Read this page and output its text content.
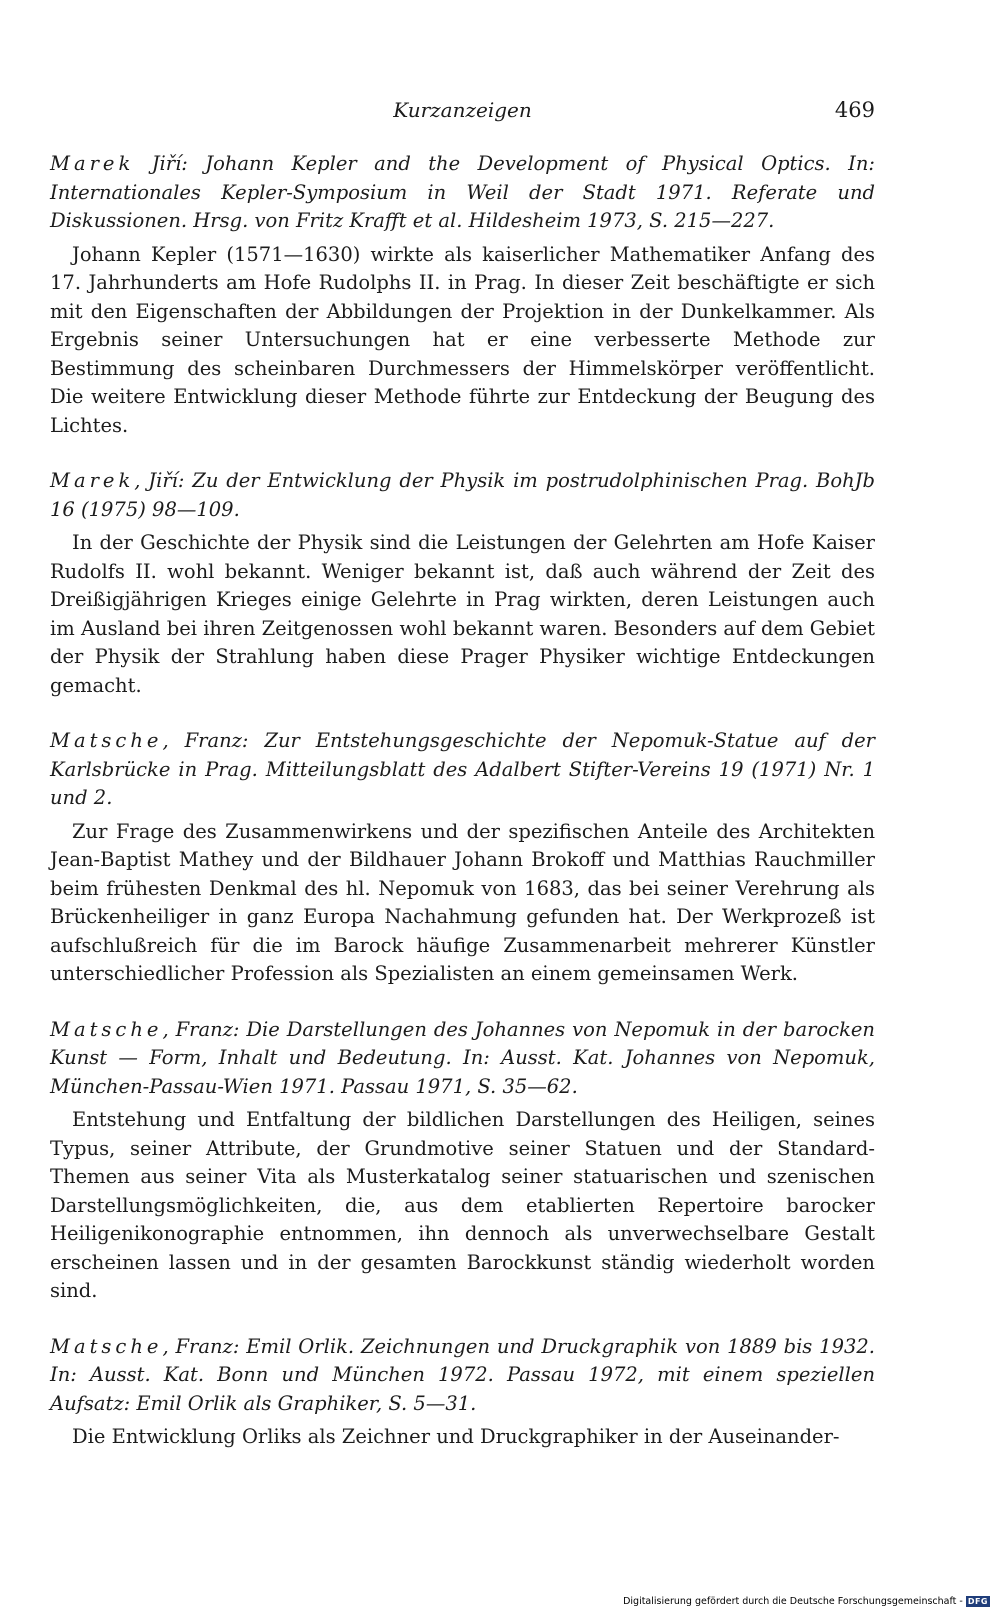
Kurzanzeigen	469

Marek Jiří: Johann Kepler and the Development of Physical Optics. In: Internationales Kepler-Symposium in Weil der Stadt 1971. Referate und Diskussionen. Hrsg. von Fritz Krafft et al. Hildesheim 1973, S. 215—227.

Johann Kepler (1571—1630) wirkte als kaiserlicher Mathematiker Anfang des 17. Jahrhunderts am Hofe Rudolphs II. in Prag. In dieser Zeit beschäftigte er sich mit den Eigenschaften der Abbildungen der Projektion in der Dunkelkammer. Als Ergebnis seiner Untersuchungen hat er eine verbesserte Methode zur Bestimmung des scheinbaren Durchmessers der Himmelskörper veröffentlicht. Die weitere Entwicklung dieser Methode führte zur Entdeckung der Beugung des Lichtes.

Marek, Jiří: Zu der Entwicklung der Physik im postrudolphinischen Prag. BohJb 16 (1975) 98—109.

In der Geschichte der Physik sind die Leistungen der Gelehrten am Hofe Kaiser Rudolfs II. wohl bekannt. Weniger bekannt ist, daß auch während der Zeit des Dreißigjährigen Krieges einige Gelehrte in Prag wirkten, deren Leistungen auch im Ausland bei ihren Zeitgenossen wohl bekannt waren. Besonders auf dem Gebiet der Physik der Strahlung haben diese Prager Physiker wichtige Entdeckungen gemacht.

Matsche, Franz: Zur Entstehungsgeschichte der Nepomuk-Statue auf der Karlsbrücke in Prag. Mitteilungsblatt des Adalbert Stifter-Vereins 19 (1971) Nr. 1 und 2.

Zur Frage des Zusammenwirkens und der spezifischen Anteile des Architekten Jean-Baptist Mathey und der Bildhauer Johann Brokoff und Matthias Rauchmiller beim frühesten Denkmal des hl. Nepomuk von 1683, das bei seiner Verehrung als Brückenheiliger in ganz Europa Nachahmung gefunden hat. Der Werkprozeß ist aufschlußreich für die im Barock häufige Zusammenarbeit mehrerer Künstler unterschiedlicher Profession als Spezialisten an einem gemeinsamen Werk.

Matsche, Franz: Die Darstellungen des Johannes von Nepomuk in der barocken Kunst — Form, Inhalt und Bedeutung. In: Ausst. Kat. Johannes von Nepomuk, München-Passau-Wien 1971. Passau 1971, S. 35—62.

Entstehung und Entfaltung der bildlichen Darstellungen des Heiligen, seines Typus, seiner Attribute, der Grundmotive seiner Statuen und der Standard-Themen aus seiner Vita als Musterkatalog seiner statuarischen und szenischen Darstellungsmöglichkeiten, die, aus dem etablierten Repertoire barocker Heiligenikonographie entnommen, ihn dennoch als unverwechselbare Gestalt erscheinen lassen und in der gesamten Barockkunst ständig wiederholt worden sind.

Matsche, Franz: Emil Orlik. Zeichnungen und Druckgraphik von 1889 bis 1932. In: Ausst. Kat. Bonn und München 1972. Passau 1972, mit einem speziellen Aufsatz: Emil Orlik als Graphiker, S. 5—31.

Die Entwicklung Orliks als Zeichner und Druckgraphiker in der Auseinander-

Digitalisierung gefördert durch die Deutsche Forschungsgemeinschaft - DFG
